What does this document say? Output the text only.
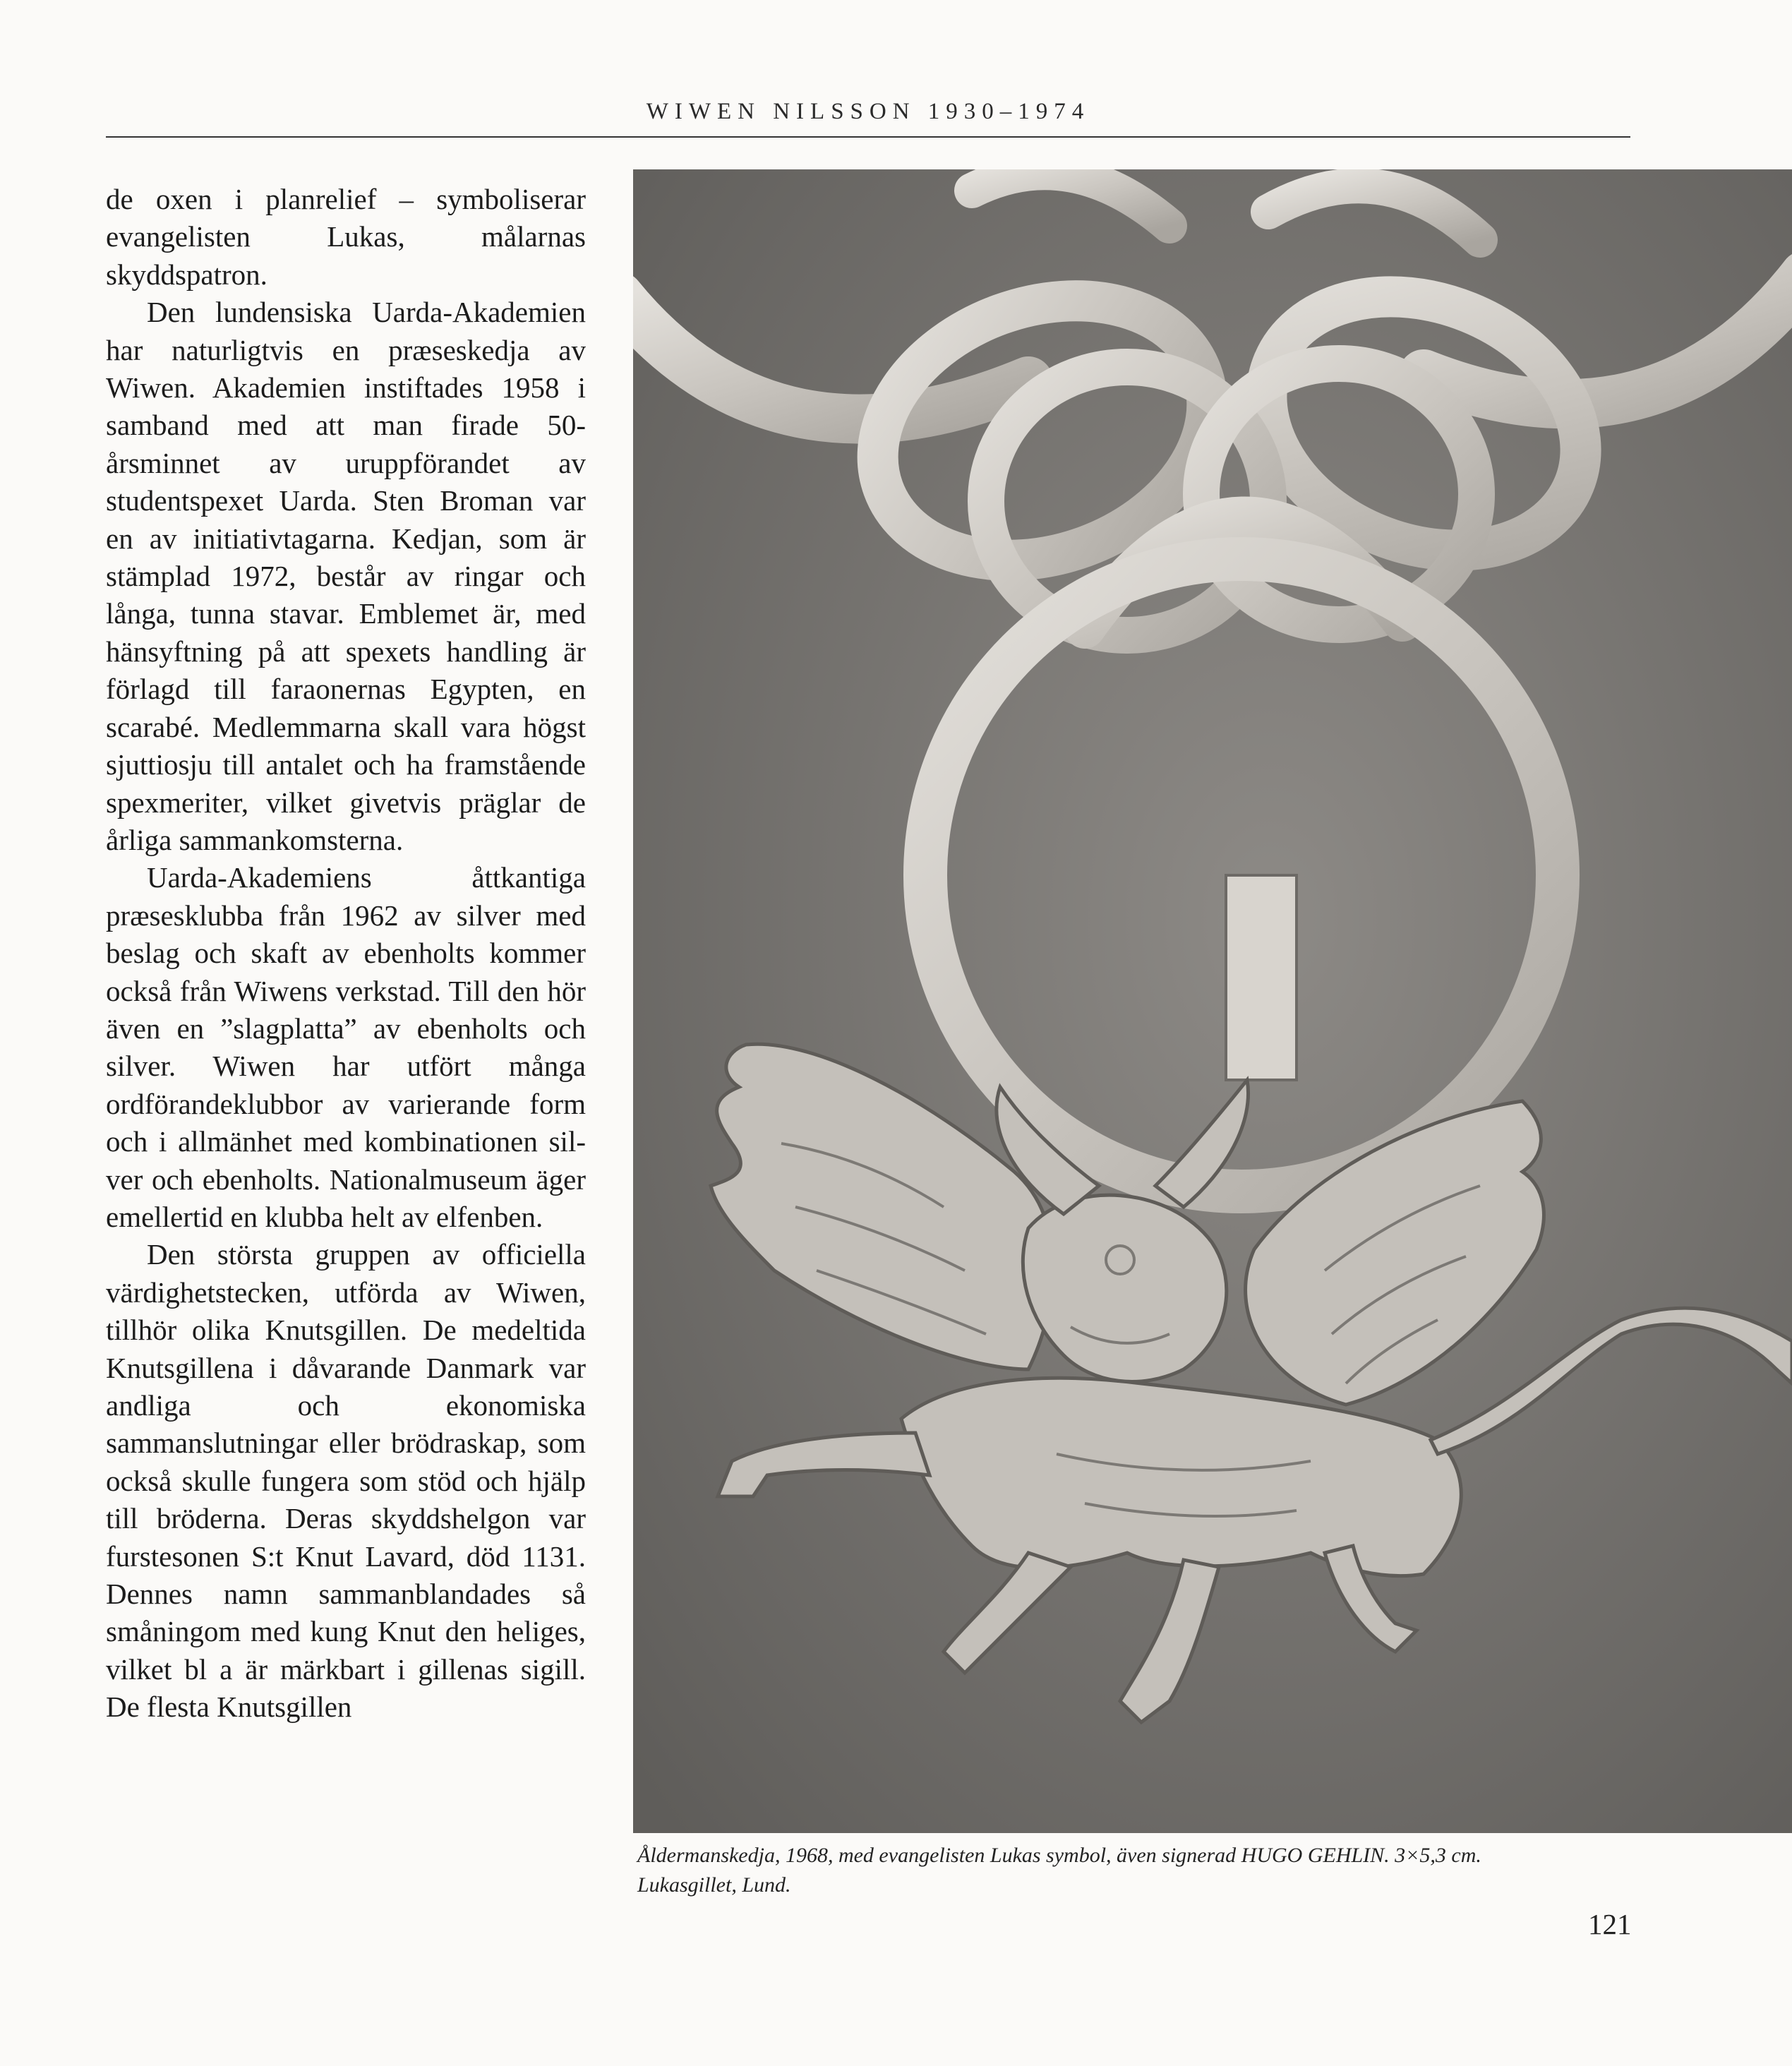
WIWEN NILSSON 1930–1974

de oxen i planrelief – symboliserar evangelisten Lukas, målarnas skyddspatron.

Den lundensiska Uarda-Akademien har naturligtvis en præseskedja av Wiwen. Akademien instiftades 1958 i samband med att man firade 50-årsminnet av uruppförandet av studentspexet Uarda. Sten Broman var en av initiativtagarna. Kedjan, som är stämplad 1972, består av ringar och långa, tunna stavar. Emblemet är, med hänsyftning på att spexets handling är förlagd till faraonernas Egypten, en scarabé. Medlemmarna skall vara högst sjuttiosju till antalet och ha framstående spexmeriter, vilket givetvis präglar de årliga sammankomsterna.

Uarda-Akademiens åttkantiga præsesklubba från 1962 av silver med beslag och skaft av ebenholts kommer också från Wiwens verkstad. Till den hör även en ”slagplatta” av ebenholts och silver. Wiwen har utfört många ordförandeklubbor av varierande form och i allmänhet med kombinationen silver och ebenholts. Nationalmuseum äger emellertid en klubba helt av elfenben.

Den största gruppen av officiella värdighetstecken, utförda av Wiwen, tillhör olika Knutsgillen. De medeltida Knutsgillena i dåvarande Danmark var andliga och ekonomiska sammanslutningar eller brödraskap, som också skulle fungera som stöd och hjälp till bröderna. Deras skyddshelgon var furstesonen S:t Knut Lavard, död 1131. Dennes namn sammanblandades så småningom med kung Knut den heliges, vilket bl a är märkbart i gillenas sigill. De flesta Knutsgillen

Åldermanskedja, 1968, med evangelisten Lukas symbol, även signerad HUGO GEHLIN. 3×5,3 cm.
Lukasgillet, Lund.
121
